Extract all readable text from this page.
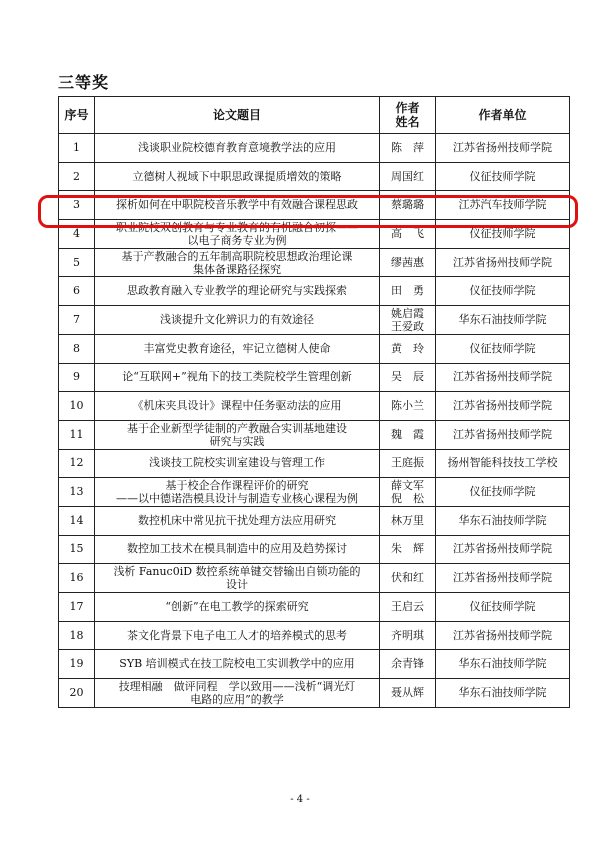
三等奖
序号	论文题目	作者
姓名	作者单位
1	浅谈职业院校德育教育意境教学法的应用	陈　萍	江苏省扬州技师学院
2	立德树人视域下中职思政课提质增效的策略	周国红	仪征技师学院
3	探析如何在中职院校音乐教学中有效融合课程思政	蔡璐璐	江苏汽车技师学院
4	职业院校双创教育与专业教育的有机融合初探——
以电子商务专业为例	高　飞	仪征技师学院
5	基于产教融合的五年制高职院校思想政治理论课
集体备课路径探究	缪茜惠	江苏省扬州技师学院
6	思政教育融入专业教学的理论研究与实践探索	田　勇	仪征技师学院
7	浅谈提升文化辨识力的有效途径	姚启霞
王爱政	华东石油技师学院
8	丰富党史教育途径，牢记立德树人使命	黄　玲	仪征技师学院
9	论“互联网+”视角下的技工类院校学生管理创新	吴　辰	江苏省扬州技师学院
10	《机床夹具设计》课程中任务驱动法的应用	陈小兰	江苏省扬州技师学院
11	基于企业新型学徒制的产教融合实训基地建设
研究与实践	魏　霞	江苏省扬州技师学院
12	浅谈技工院校实训室建设与管理工作	王庭振	扬州智能科技技工学校
13	基于校企合作课程评价的研究
——以中德诺浩模具设计与制造专业核心课程为例	薛文军
倪　松	仪征技师学院
14	数控机床中常见抗干扰处理方法应用研究	林万里	华东石油技师学院
15	数控加工技术在模具制造中的应用及趋势探讨	朱　辉	江苏省扬州技师学院
16	浅析 Fanuc0iD 数控系统单键交替输出自锁功能的
设计	伏和红	江苏省扬州技师学院
17	“创新”在电工教学的探索研究	王启云	仪征技师学院
18	茶文化背景下电子电工人才的培养模式的思考	齐明琪	江苏省扬州技师学院
19	SYB 培训模式在技工院校电工实训教学中的应用	余青锋	华东石油技师学院
20	技理相融　做评同程　学以致用——浅析“调光灯
电路的应用”的教学	聂从辉	华东石油技师学院
- 4 -
